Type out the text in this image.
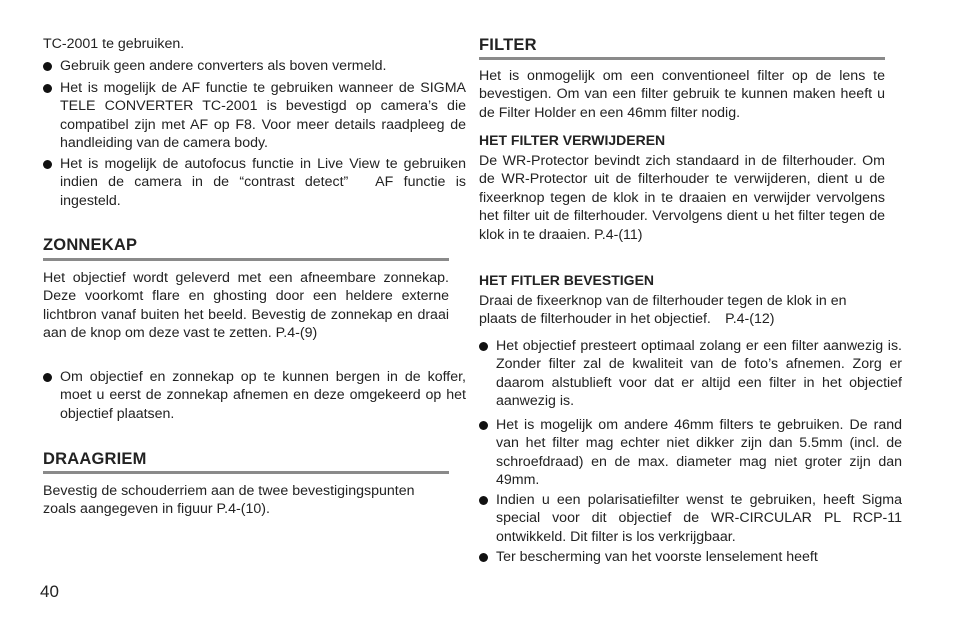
TC-2001 te gebruiken.

Gebruik geen andere converters als boven vermeld.
Het is mogelijk de AF functie te gebruiken wanneer de SIGMA TELE CONVERTER TC-2001 is bevestigd op camera’s die compatibel zijn met AF op F8. Voor meer details raadpleeg de handleiding van de camera body.
Het is mogelijk de autofocus functie in Live View te gebruiken indien de camera in de “contrast detect”　AF functie is ingesteld.
ZONNEKAP

Het objectief wordt geleverd met een afneembare zonnekap. Deze voorkomt flare en ghosting door een heldere externe lichtbron vanaf buiten het beeld. Bevestig de zonnekap en draai aan de knop om deze vast te zetten. P.4-(9)

Om objectief en zonnekap op te kunnen bergen in de koffer, moet u eerst de zonnekap afnemen en deze omgekeerd op het objectief plaatsen.
DRAAGRIEM

Bevestig de schouderriem aan de twee bevestigingspunten zoals aangegeven in figuur P.4-(10).

40
FILTER

Het is onmogelijk om een conventioneel filter op de lens te bevestigen. Om van een filter gebruik te kunnen maken heeft u de Filter Holder en een 46mm filter nodig.

HET FILTER VERWIJDEREN

De WR-Protector bevindt zich standaard in de filterhouder. Om de WR-Protector uit de filterhouder te verwijderen, dient u de fixeerknop tegen de klok in te draaien en verwijder vervolgens het filter uit de filterhouder. Vervolgens dient u het filter tegen de klok in te draaien. P.4-(11)

HET FITLER BEVESTIGEN

Draai de fixeerknop van de filterhouder tegen de klok in en plaats de filterhouder in het objectief.　P.4-(12)

Het objectief presteert optimaal zolang er een filter aanwezig is. Zonder filter zal de kwaliteit van de foto’s afnemen. Zorg er daarom alstublieft voor dat er altijd een filter in het objectief aanwezig is.
Het is mogelijk om andere 46mm filters te gebruiken. De rand van het filter mag echter niet dikker zijn dan 5.5mm (incl. de schroefdraad) en de max. diameter mag niet groter zijn dan 49mm.
Indien u een polarisatiefilter wenst te gebruiken, heeft Sigma special voor dit objectief de WR-CIRCULAR PL RCP-11 ontwikkeld. Dit filter is los verkrijgbaar.
Ter bescherming van het voorste lenselement heeft
